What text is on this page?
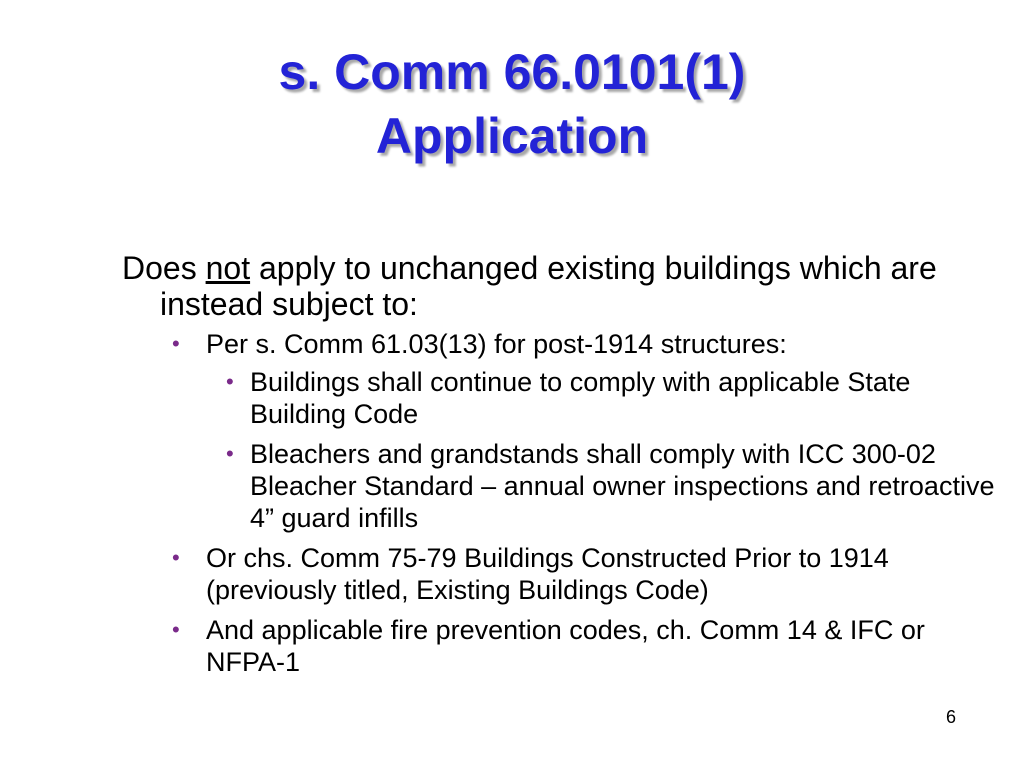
s. Comm 66.0101(1)
Application

Does not apply to unchanged existing buildings which are instead subject to:

• Per s. Comm 61.03(13) for post-1914 structures:

• Buildings shall continue to comply with applicable State Building Code

• Bleachers and grandstands shall comply with ICC 300-02 Bleacher Standard – annual owner inspections and retroactive 4” guard infills

• Or chs. Comm 75-79 Buildings Constructed Prior to 1914 (previously titled, Existing Buildings Code)

• And applicable fire prevention codes, ch. Comm 14 & IFC or NFPA-1

6
